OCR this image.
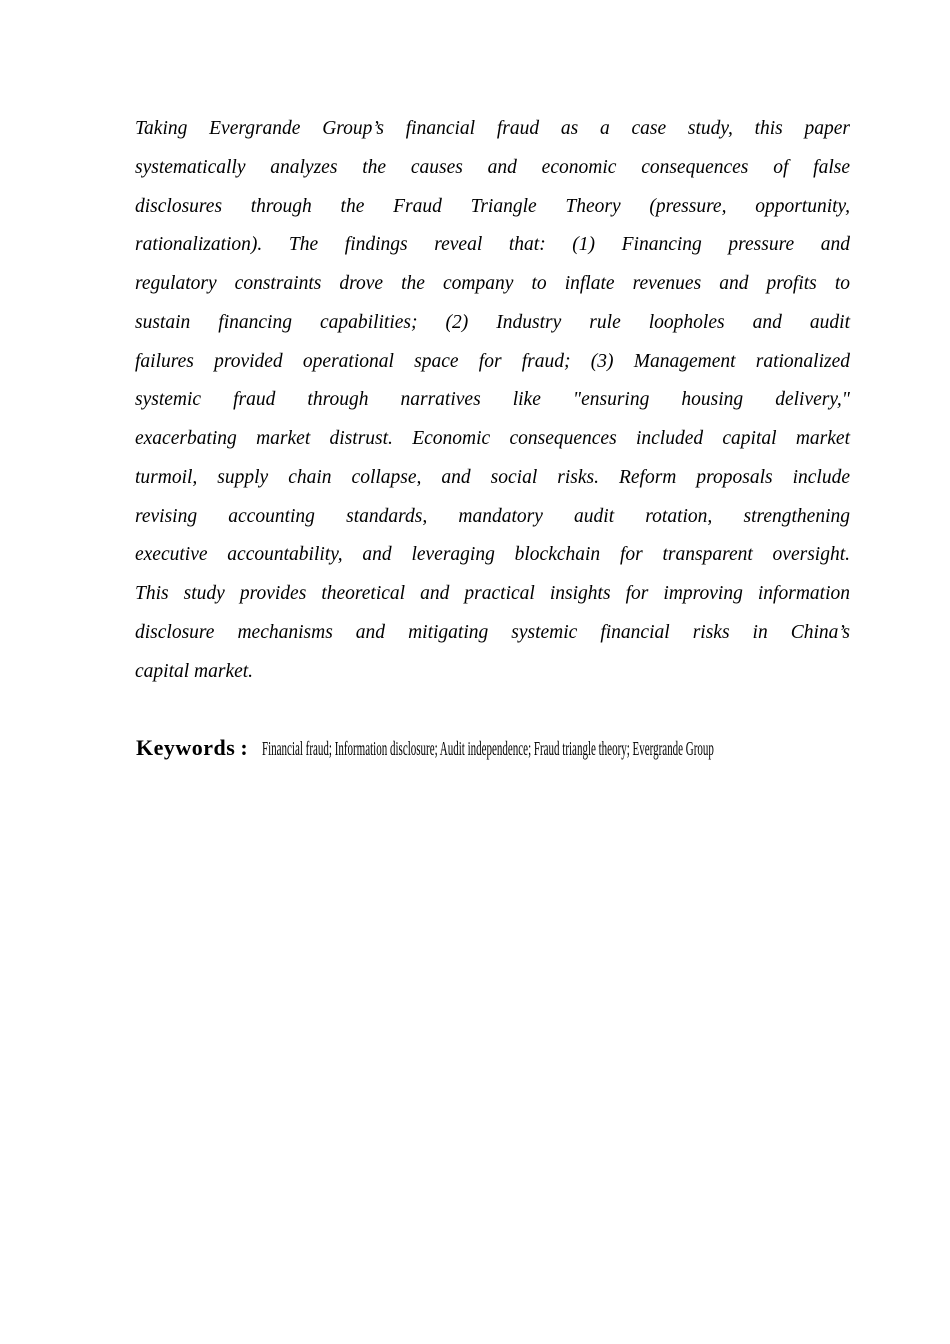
Taking Evergrande Group’s financial fraud as a case study, this paper
systematically analyzes the causes and economic consequences of false
disclosures through the Fraud Triangle Theory (pressure, opportunity,
rationalization). The findings reveal that: (1) Financing pressure and
regulatory constraints drove the company to inflate revenues and profits to
sustain financing capabilities; (2) Industry rule loopholes and audit
failures provided operational space for fraud; (3) Management rationalized
systemic fraud through narratives like "ensuring housing delivery,"
exacerbating market distrust. Economic consequences included capital market
turmoil, supply chain collapse, and social risks. Reform proposals include
revising accounting standards, mandatory audit rotation, strengthening
executive accountability, and leveraging blockchain for transparent oversight.
This study provides theoretical and practical insights for improving information
disclosure mechanisms and mitigating systemic financial risks in China’s
capital market.
Keywords : Financial fraud; Information disclosure; Audit independence; Fraud triangle theory; Evergrande Group
